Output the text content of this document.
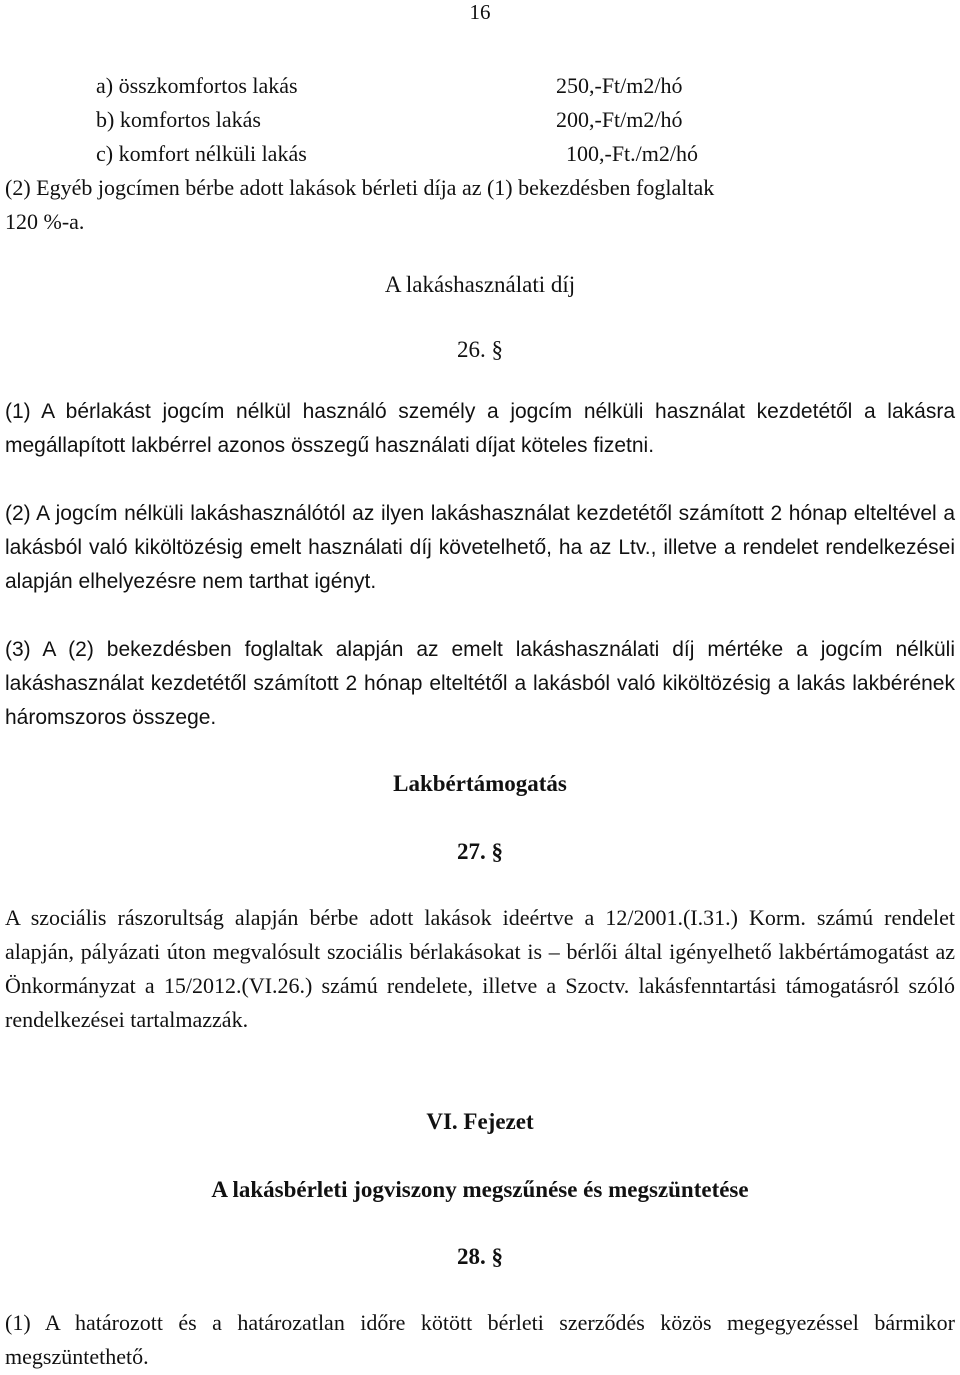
16
a) összkomfortos lakás	250,-Ft/m2/hó
b) komfortos lakás	200,-Ft/m2/hó
c) komfort nélküli lakás	100,-Ft./m2/hó
(2) Egyéb jogcímen bérbe adott lakások bérleti díja az (1) bekezdésben foglaltak
120 %-a.
A lakáshasználati díj
26. §
(1) A bérlakást jogcím nélkül használó személy a jogcím nélküli használat kezdetétől a lakásra megállapított lakbérrel azonos összegű használati díjat köteles fizetni.
(2) A jogcím nélküli lakáshasználótól az ilyen lakáshasználat kezdetétől számított 2 hónap elteltével a lakásból való kiköltözésig emelt használati díj követelhető, ha az Ltv., illetve a rendelet rendelkezései alapján elhelyezésre nem tarthat igényt.
(3) A (2) bekezdésben foglaltak alapján az emelt lakáshasználati díj mértéke a jogcím nélküli lakáshasználat kezdetétől számított 2 hónap elteltétől a lakásból való kiköltözésig a lakás lakbérének háromszoros összege.
Lakbértámogatás
27. §
A szociális rászorultság alapján bérbe adott lakások ideértve a 12/2001.(I.31.) Korm. számú rendelet alapján, pályázati úton megvalósult szociális bérlakásokat is – bérlői által igényelhető lakbértámogatást az Önkormányzat a 15/2012.(VI.26.) számú rendelete, illetve a Szoctv. lakásfenntartási támogatásról szóló rendelkezései tartalmazzák.
VI. Fejezet
A lakásbérleti jogviszony megszűnése és megszüntetése
28. §
(1) A határozott és a határozatlan időre kötött bérleti szerződés közös megegyezéssel bármikor megszüntethető.
